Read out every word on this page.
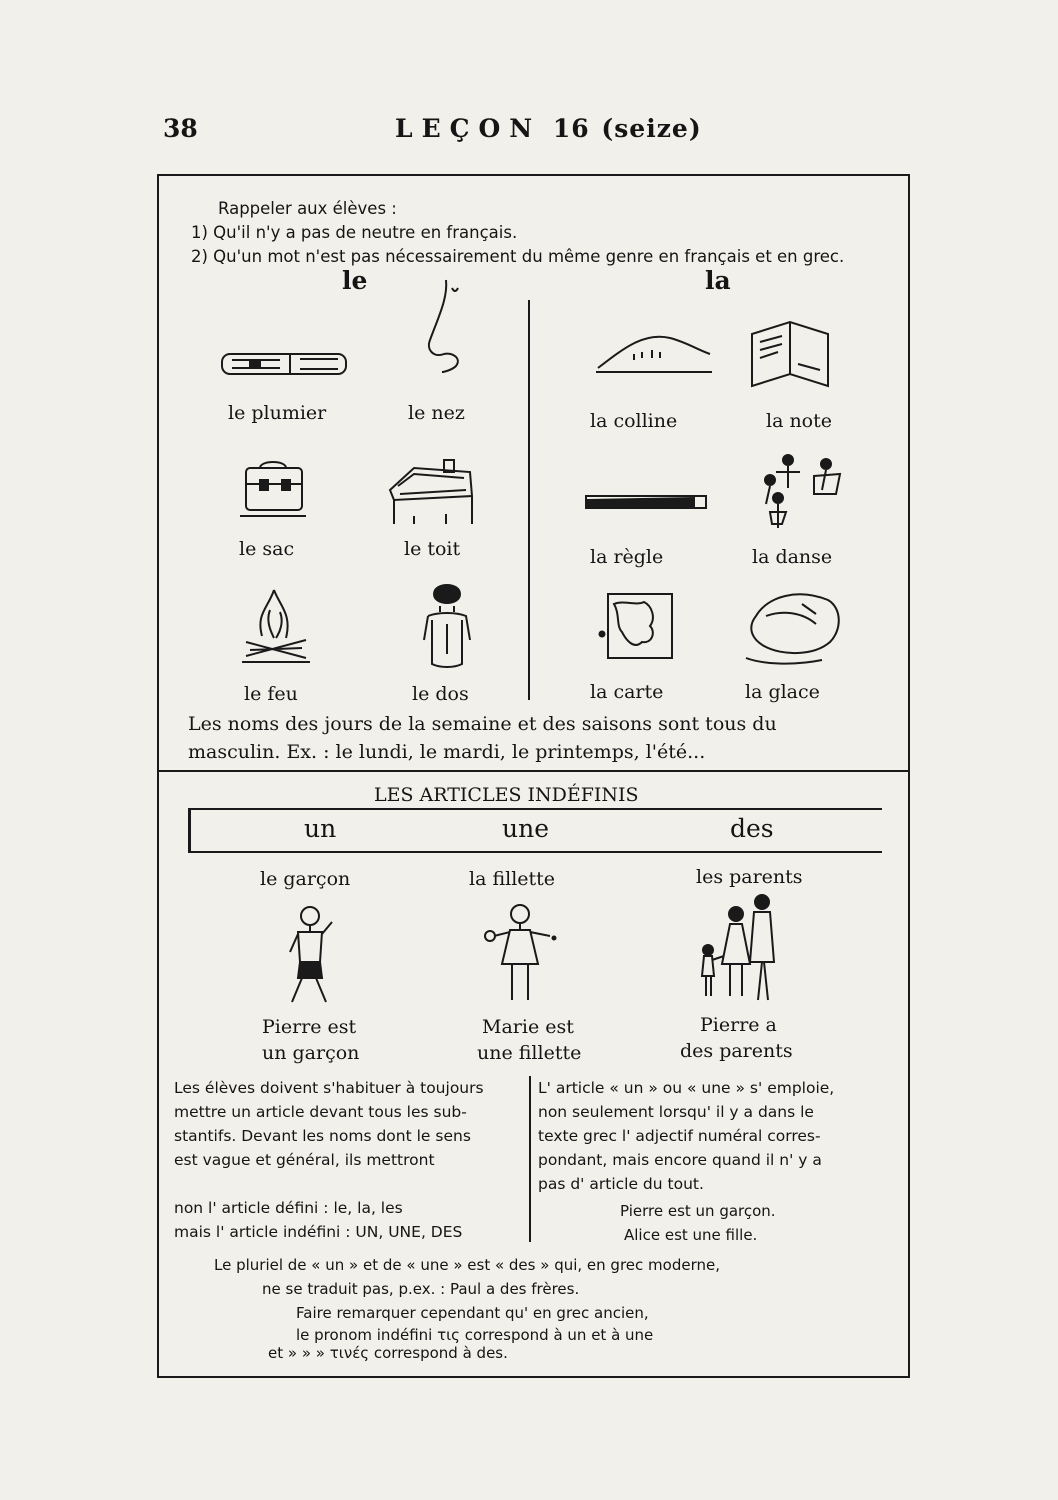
38	LEÇON 16 (seize)
Rappeler aux élèves :
1) Qu'il n'y a pas de neutre en français.
2) Qu'un mot n'est pas nécessairement du même genre en français et en grec.
le	la
le plumier	le nez
le sac	le toit
le feu	le dos
la colline	la note
la règle	la danse
la carte	la glace
Les noms des jours de la semaine et des saisons sont tous du
masculin. Ex. : le lundi, le mardi, le printemps, l'été...
LES ARTICLES INDÉFINIS
un	une	des
le garçon	la fillette	les parents
Pierre est
un garçon
Marie est
une fillette
Pierre a
des parents
Les élèves doivent s'habituer à toujours
mettre un article devant tous les sub-
stantifs. Devant les noms dont le sens
est vague et général, ils mettront
non l' article défini : le, la, les
mais l' article indéfini : UN, UNE, DES
L' article « un » ou « une » s' emploie,
non seulement lorsqu' il y a dans le
texte grec l' adjectif numéral corres-
pondant, mais encore quand il n' y a
pas d' article du tout.
Pierre est un garçon.
Alice est une fille.
Le pluriel de « un » et de « une » est « des » qui, en grec moderne,
ne se traduit pas, p.ex. : Paul a des frères.
Faire remarquer cependant qu' en grec ancien,
le pronom indéfini τις correspond à un et à une
et » » » τινές correspond à des.
